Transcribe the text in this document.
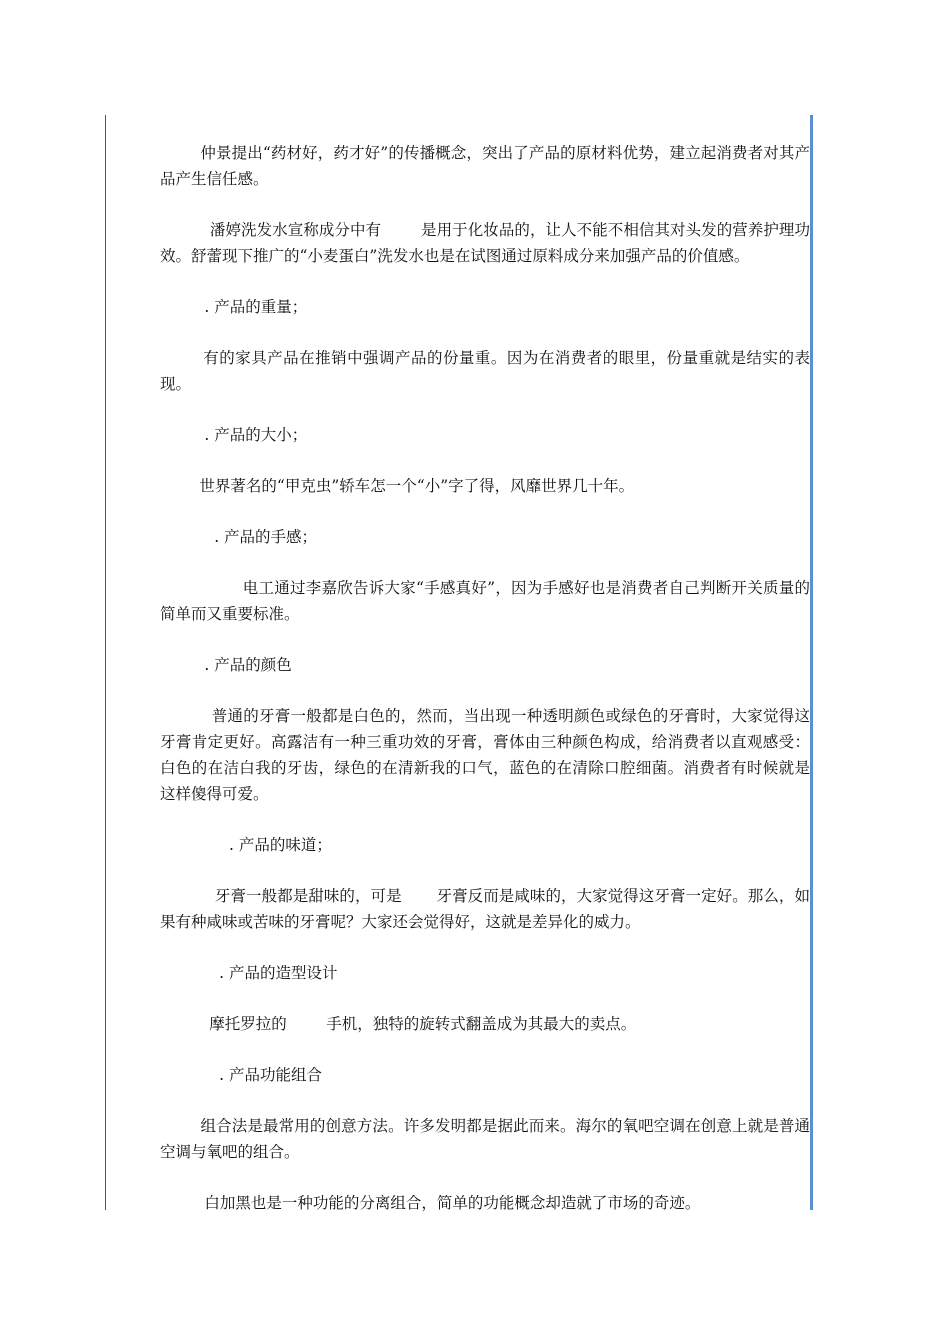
仲景提出“药材好，药才好”的传播概念，突出了产品的原材料优势，建立起消费者对其产品产生信任感。

潘婷洗发水宣称成分中有        是用于化妆品的，让人不能不相信其对头发的营养护理功效。舒蕾现下推广的“小麦蛋白”洗发水也是在试图通过原料成分来加强产品的价值感。

. 产品的重量；

有的家具产品在推销中强调产品的份量重。因为在消费者的眼里，份量重就是结实的表现。

. 产品的大小；

世界著名的“甲克虫”轿车怎一个“小”字了得，风靡世界几十年。

. 产品的手感；

电工通过李嘉欣告诉大家“手感真好”，因为手感好也是消费者自己判断开关质量的简单而又重要标准。

. 产品的颜色

普通的牙膏一般都是白色的，然而，当出现一种透明颜色或绿色的牙膏时，大家觉得这牙膏肯定更好。高露洁有一种三重功效的牙膏，膏体由三种颜色构成，给消费者以直观感受：白色的在洁白我的牙齿，绿色的在清新我的口气，蓝色的在清除口腔细菌。消费者有时候就是这样傻得可爱。

. 产品的味道；

牙膏一般都是甜味的，可是       牙膏反而是咸味的，大家觉得这牙膏一定好。那么，如果有种咸味或苦味的牙膏呢？大家还会觉得好，这就是差异化的威力。

. 产品的造型设计

摩托罗拉的        手机，独特的旋转式翻盖成为其最大的卖点。

. 产品功能组合

组合法是最常用的创意方法。许多发明都是据此而来。海尔的氧吧空调在创意上就是普通空调与氧吧的组合。

白加黑也是一种功能的分离组合，简单的功能概念却造就了市场的奇迹。
